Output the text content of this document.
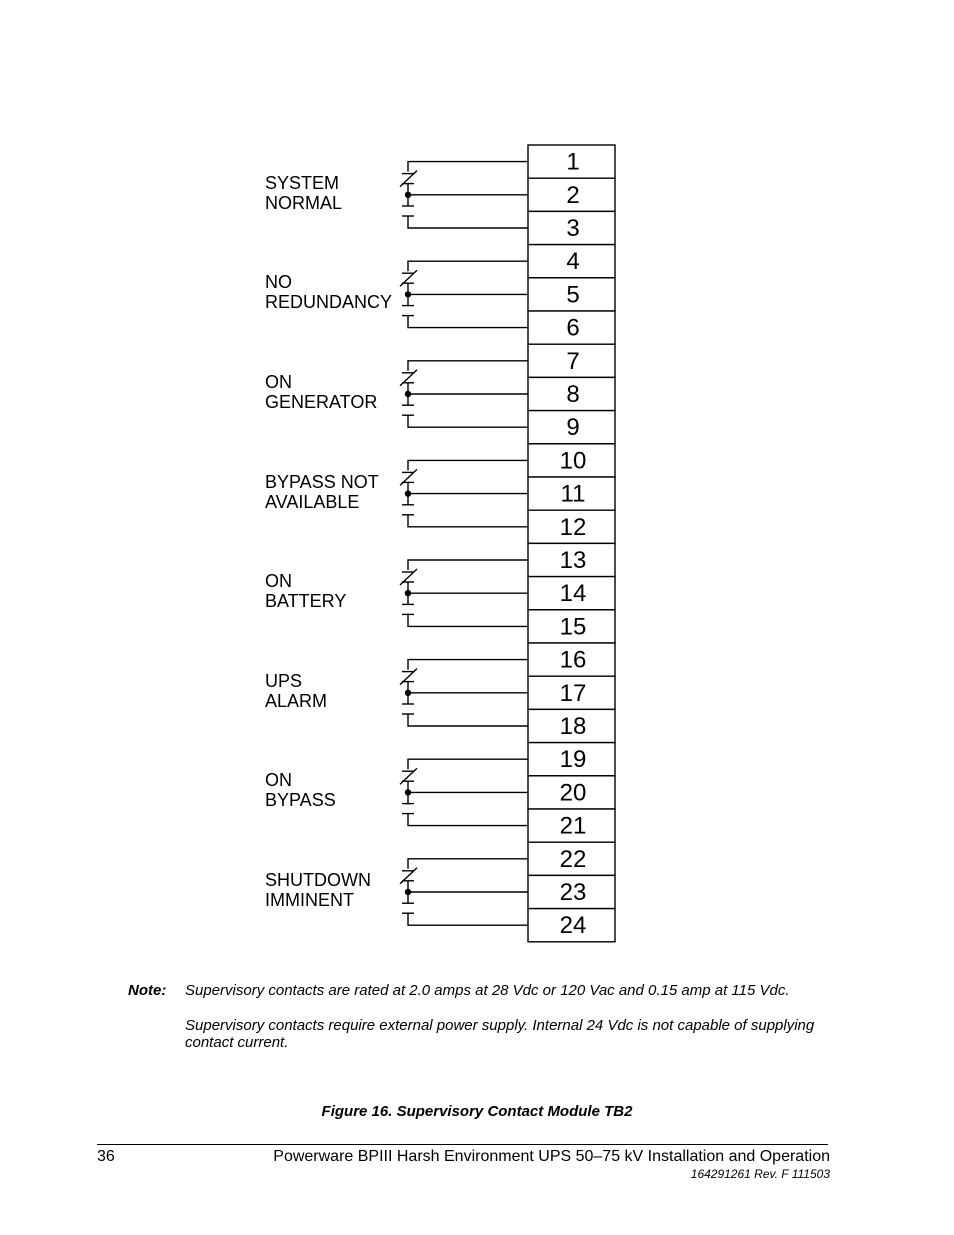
1
2
3
4
5
6
7
8
9
10
11
12
13
14
15
16
17
18
19
20
21
22
23
24
SYSTEM
NORMAL
NO
REDUNDANCY
ON
GENERATOR
BYPASS NOT
AVAILABLE
ON
BATTERY
UPS
ALARM
ON
BYPASS
SHUTDOWN
IMMINENT
Note: Supervisory contacts are rated at 2.0 amps at 28 Vdc or 120 Vac and 0.15 amp at 115 Vdc.
Supervisory contacts require external power supply. Internal 24 Vdc is not capable of supplying contact current.
Figure 16. Supervisory Contact Module TB2
36	Powerware BPIII Harsh Environment UPS 50–75 kV Installation and Operation
164291261 Rev. F 111503
